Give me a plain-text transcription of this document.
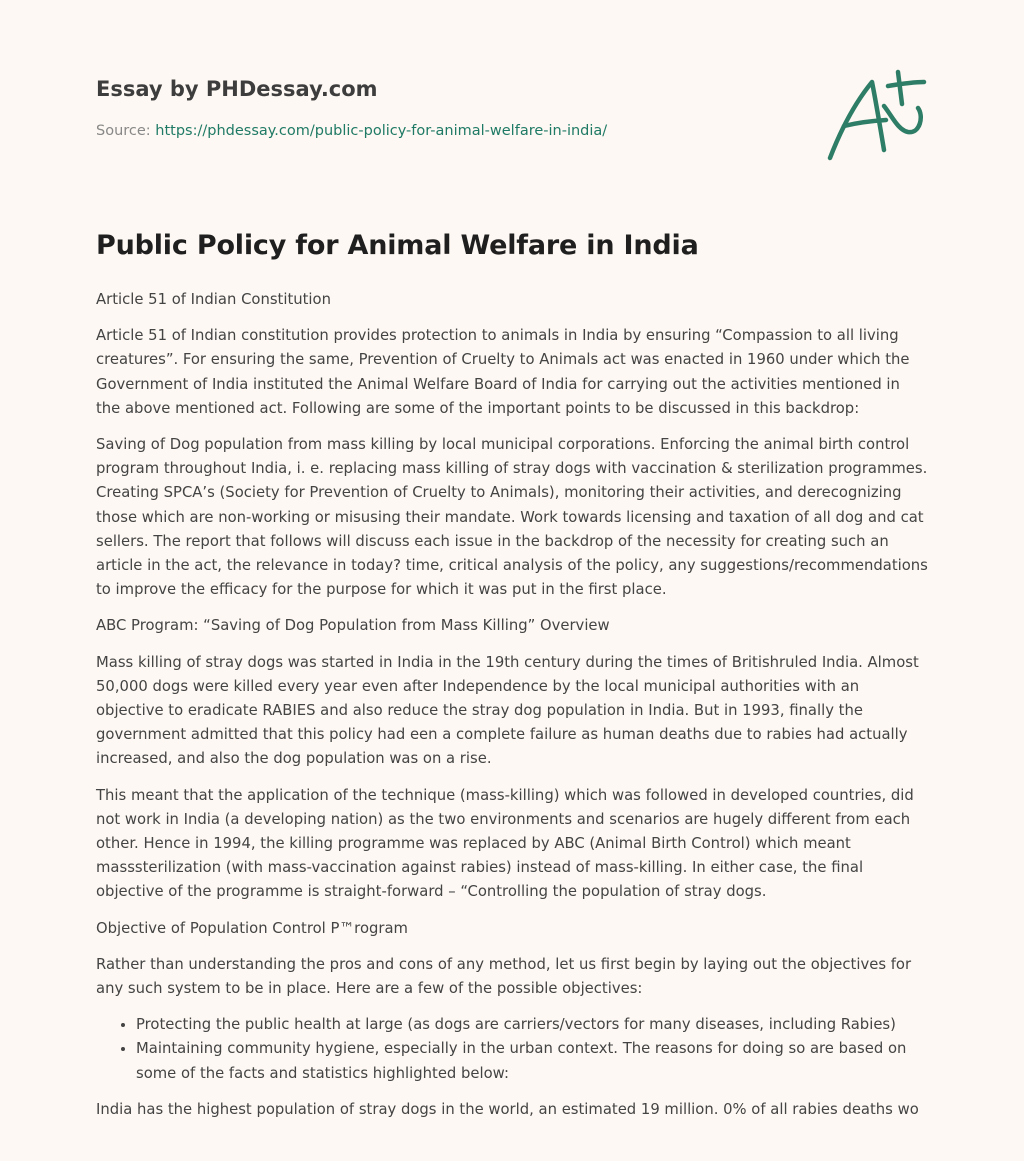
Essay by PHDessay.com
Source: https://phdessay.com/public-policy-for-animal-welfare-in-india/
Public Policy for Animal Welfare in India

Article 51 of Indian Constitution

Article 51 of Indian constitution provides protection to animals in India by ensuring “Compassion to all living creatures”. For ensuring the same, Prevention of Cruelty to Animals act was enacted in 1960 under which the Government of India instituted the Animal Welfare Board of India for carrying out the activities mentioned in the above mentioned act. Following are some of the important points to be discussed in this backdrop:

Saving of Dog population from mass killing by local municipal corporations. Enforcing the animal birth control program throughout India, i. e. replacing mass killing of stray dogs with vaccination & sterilization programmes. Creating SPCA’s (Society for Prevention of Cruelty to Animals), monitoring their activities, and derecognizing those which are non-working or misusing their mandate. Work towards licensing and taxation of all dog and cat sellers. The report that follows will discuss each issue in the backdrop of the necessity for creating such an article in the act, the relevance in today? time, critical analysis of the policy, any suggestions/recommendations to improve the efficacy for the purpose for which it was put in the first place.

ABC Program: “Saving of Dog Population from Mass Killing” Overview

Mass killing of stray dogs was started in India in the 19th century during the times of Britishruled India. Almost 50,000 dogs were killed every year even after Independence by the local municipal authorities with an objective to eradicate RABIES and also reduce the stray dog population in India. But in 1993, finally the government admitted that this policy had een a complete failure as human deaths due to rabies had actually increased, and also the dog population was on a rise.

This meant that the application of the technique (mass-killing) which was followed in developed countries, did not work in India (a developing nation) as the two environments and scenarios are hugely different from each other. Hence in 1994, the killing programme was replaced by ABC (Animal Birth Control) which meant masssterilization (with mass-vaccination against rabies) instead of mass-killing. In either case, the final objective of the programme is straight-forward – “Controlling the population of stray dogs.

Objective of Population Control P™rogram

Rather than understanding the pros and cons of any method, let us first begin by laying out the objectives for any such system to be in place. Here are a few of the possible objectives:

• Protecting the public health at large (as dogs are carriers/vectors for many diseases, including Rabies)
• Maintaining community hygiene, especially in the urban context. The reasons for doing so are based on some of the facts and statistics highlighted below:

India has the highest population of stray dogs in the world, an estimated 19 million. 0% of all rabies deaths wo
